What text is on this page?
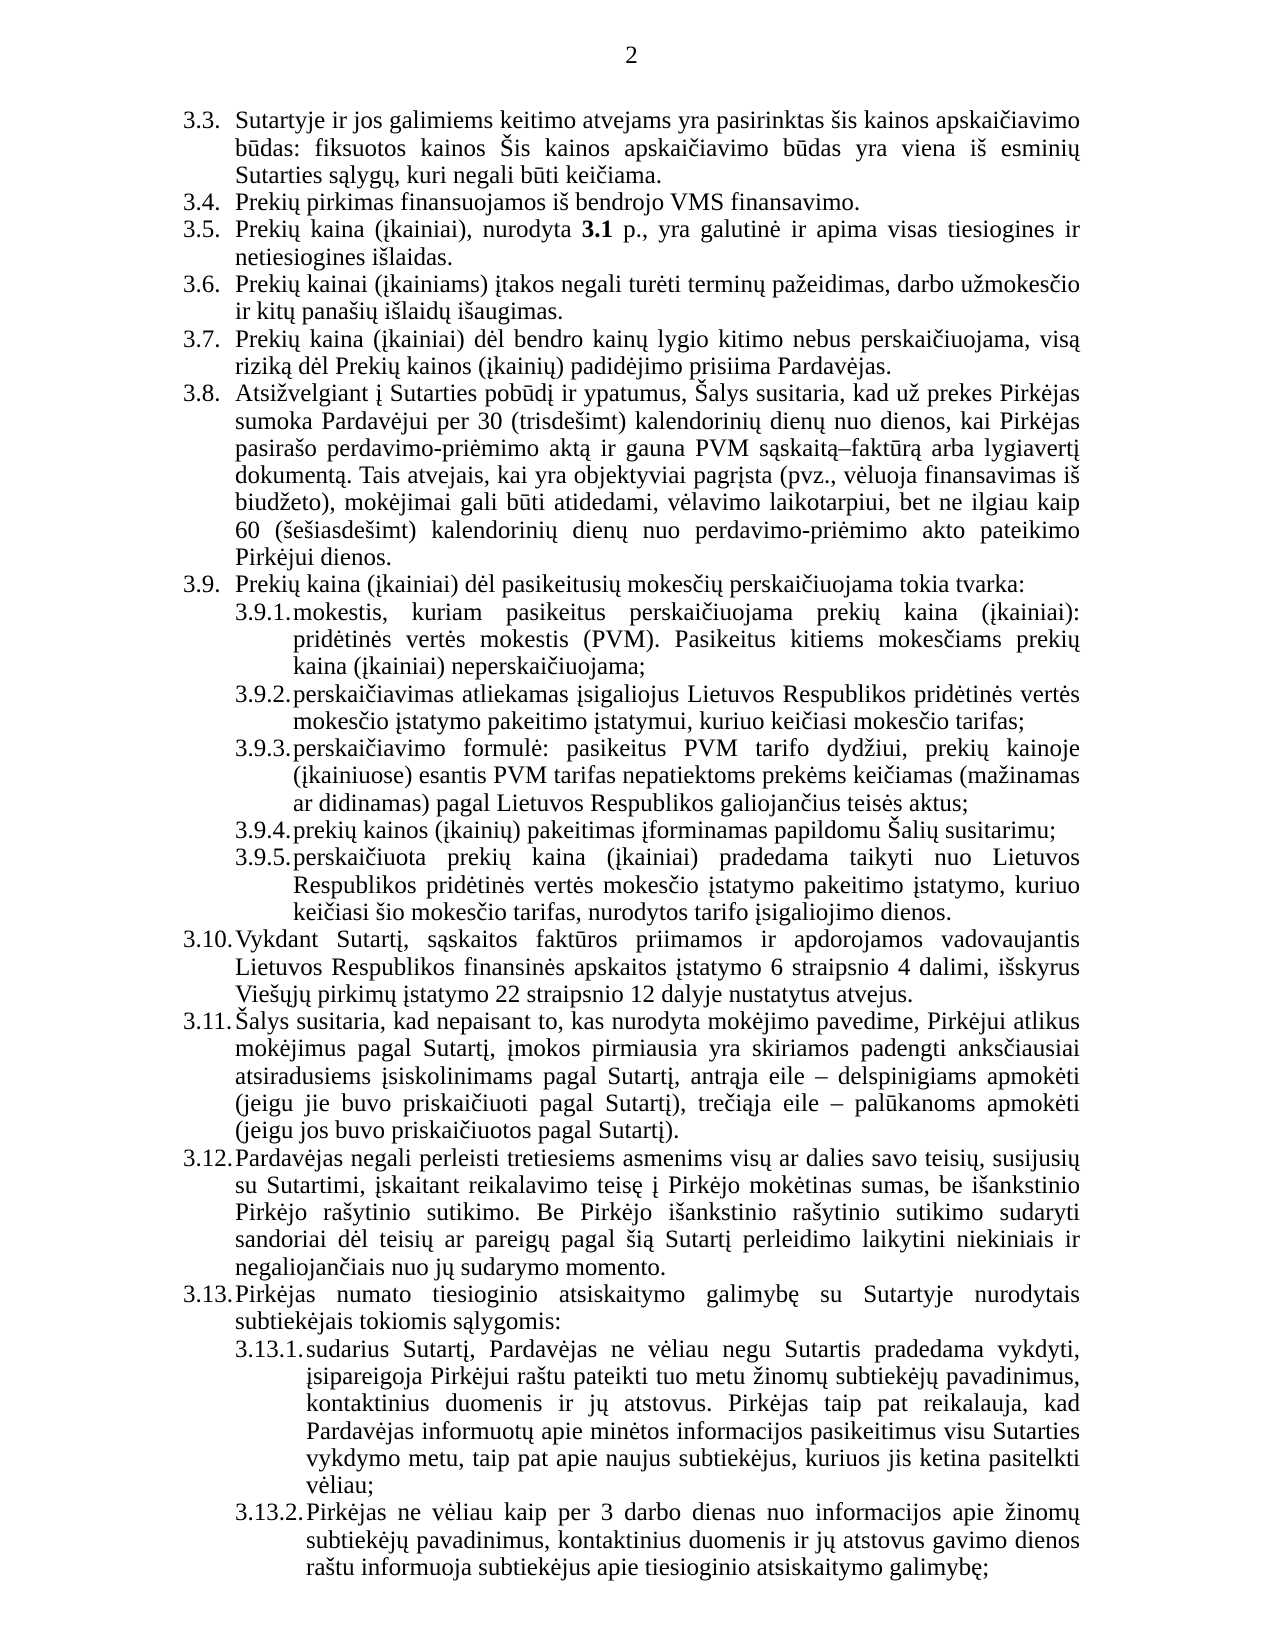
2
3.3. Sutartyje ir jos galimiems keitimo atvejams yra pasirinktas šis kainos apskaičiavimo būdas: fiksuotos kainos Šis kainos apskaičiavimo būdas yra viena iš esminių Sutarties sąlygų, kuri negali būti keičiama.
3.4. Prekių pirkimas finansuojamos iš bendrojo VMS finansavimo.
3.5. Prekių kaina (įkainiai), nurodyta 3.1 p., yra galutinė ir apima visas tiesiogines ir netiesiogines išlaidas.
3.6. Prekių kainai (įkainiams) įtakos negali turėti terminų pažeidimas, darbo užmokesčio ir kitų panašių išlaidų išaugimas.
3.7. Prekių kaina (įkainiai) dėl bendro kainų lygio kitimo nebus perskaičiuojama, visą riziką dėl Prekių kainos (įkainių) padidėjimo prisiima Pardavėjas.
3.8. Atsižvelgiant į Sutarties pobūdį ir ypatumus, Šalys susitaria, kad už prekes Pirkėjas sumoka Pardavėjui per 30 (trisdešimt) kalendorinių dienų nuo dienos, kai Pirkėjas pasirašo perdavimo-priėmimo aktą ir gauna PVM sąskaitą–faktūrą arba lygiavertį dokumentą. Tais atvejais, kai yra objektyviai pagrįsta (pvz., vėluoja finansavimas iš biudžeto), mokėjimai gali būti atidedami, vėlavimo laikotarpiui, bet ne ilgiau kaip 60 (šešiasdešimt) kalendorinių dienų nuo perdavimo-priėmimo akto pateikimo Pirkėjui dienos.
3.9. Prekių kaina (įkainiai) dėl pasikeitusių mokesčių perskaičiuojama tokia tvarka:
3.9.1. mokestis, kuriam pasikeitus perskaičiuojama prekių kaina (įkainiai): pridėtinės vertės mokestis (PVM). Pasikeitus kitiems mokesčiams prekių kaina (įkainiai) neperskaičiuojama;
3.9.2. perskaičiavimas atliekamas įsigaliojus Lietuvos Respublikos pridėtinės vertės mokesčio įstatymo pakeitimo įstatymui, kuriuo keičiasi mokesčio tarifas;
3.9.3. perskaičiavimo formulė: pasikeitus PVM tarifo dydžiui, prekių kainoje (įkainiuose) esantis PVM tarifas nepatiektoms prekėms keičiamas (mažinamas ar didinamas) pagal Lietuvos Respublikos galiojančius teisės aktus;
3.9.4. prekių kainos (įkainių) pakeitimas įforminamas papildomu Šalių susitarimu;
3.9.5. perskaičiuota prekių kaina (įkainiai) pradedama taikyti nuo Lietuvos Respublikos pridėtinės vertės mokesčio įstatymo pakeitimo įstatymo, kuriuo keičiasi šio mokesčio tarifas, nurodytos tarifo įsigaliojimo dienos.
3.10. Vykdant Sutartį, sąskaitos faktūros priimamos ir apdorojamos vadovaujantis Lietuvos Respublikos finansinės apskaitos įstatymo 6 straipsnio 4 dalimi, išskyrus Viešųjų pirkimų įstatymo 22 straipsnio 12 dalyje nustatytus atvejus.
3.11. Šalys susitaria, kad nepaisant to, kas nurodyta mokėjimo pavedime, Pirkėjui atlikus mokėjimus pagal Sutartį, įmokos pirmiausia yra skiriamos padengti anksčiausiai atsiradusiems įsiskolinimams pagal Sutartį, antrąja eile – delspinigiams apmokėti (jeigu jie buvo priskaičiuoti pagal Sutartį), trečiąja eile – palūkanoms apmokėti (jeigu jos buvo priskaičiuotos pagal Sutartį).
3.12. Pardavėjas negali perleisti tretiesiems asmenims visų ar dalies savo teisių, susijusių su Sutartimi, įskaitant reikalavimo teisę į Pirkėjo mokėtinas sumas, be išankstinio Pirkėjo rašytinio sutikimo. Be Pirkėjo išankstinio rašytinio sutikimo sudaryti sandoriai dėl teisių ar pareigų pagal šią Sutartį perleidimo laikytini niekiniais ir negaliojančiais nuo jų sudarymo momento.
3.13. Pirkėjas numato tiesioginio atsiskaitymo galimybę su Sutartyje nurodytais subtiekėjais tokiomis sąlygomis:
3.13.1. sudarius Sutartį, Pardavėjas ne vėliau negu Sutartis pradedama vykdyti, įsipareigoja Pirkėjui raštu pateikti tuo metu žinomų subtiekėjų pavadinimus, kontaktinius duomenis ir jų atstovus. Pirkėjas taip pat reikalauja, kad Pardavėjas informuotų apie minėtos informacijos pasikeitimus visu Sutarties vykdymo metu, taip pat apie naujus subtiekėjus, kuriuos jis ketina pasitelkti vėliau;
3.13.2. Pirkėjas ne vėliau kaip per 3 darbo dienas nuo informacijos apie žinomų subtiekėjų pavadinimus, kontaktinius duomenis ir jų atstovus gavimo dienos raštu informuoja subtiekėjus apie tiesioginio atsiskaitymo galimybę;
